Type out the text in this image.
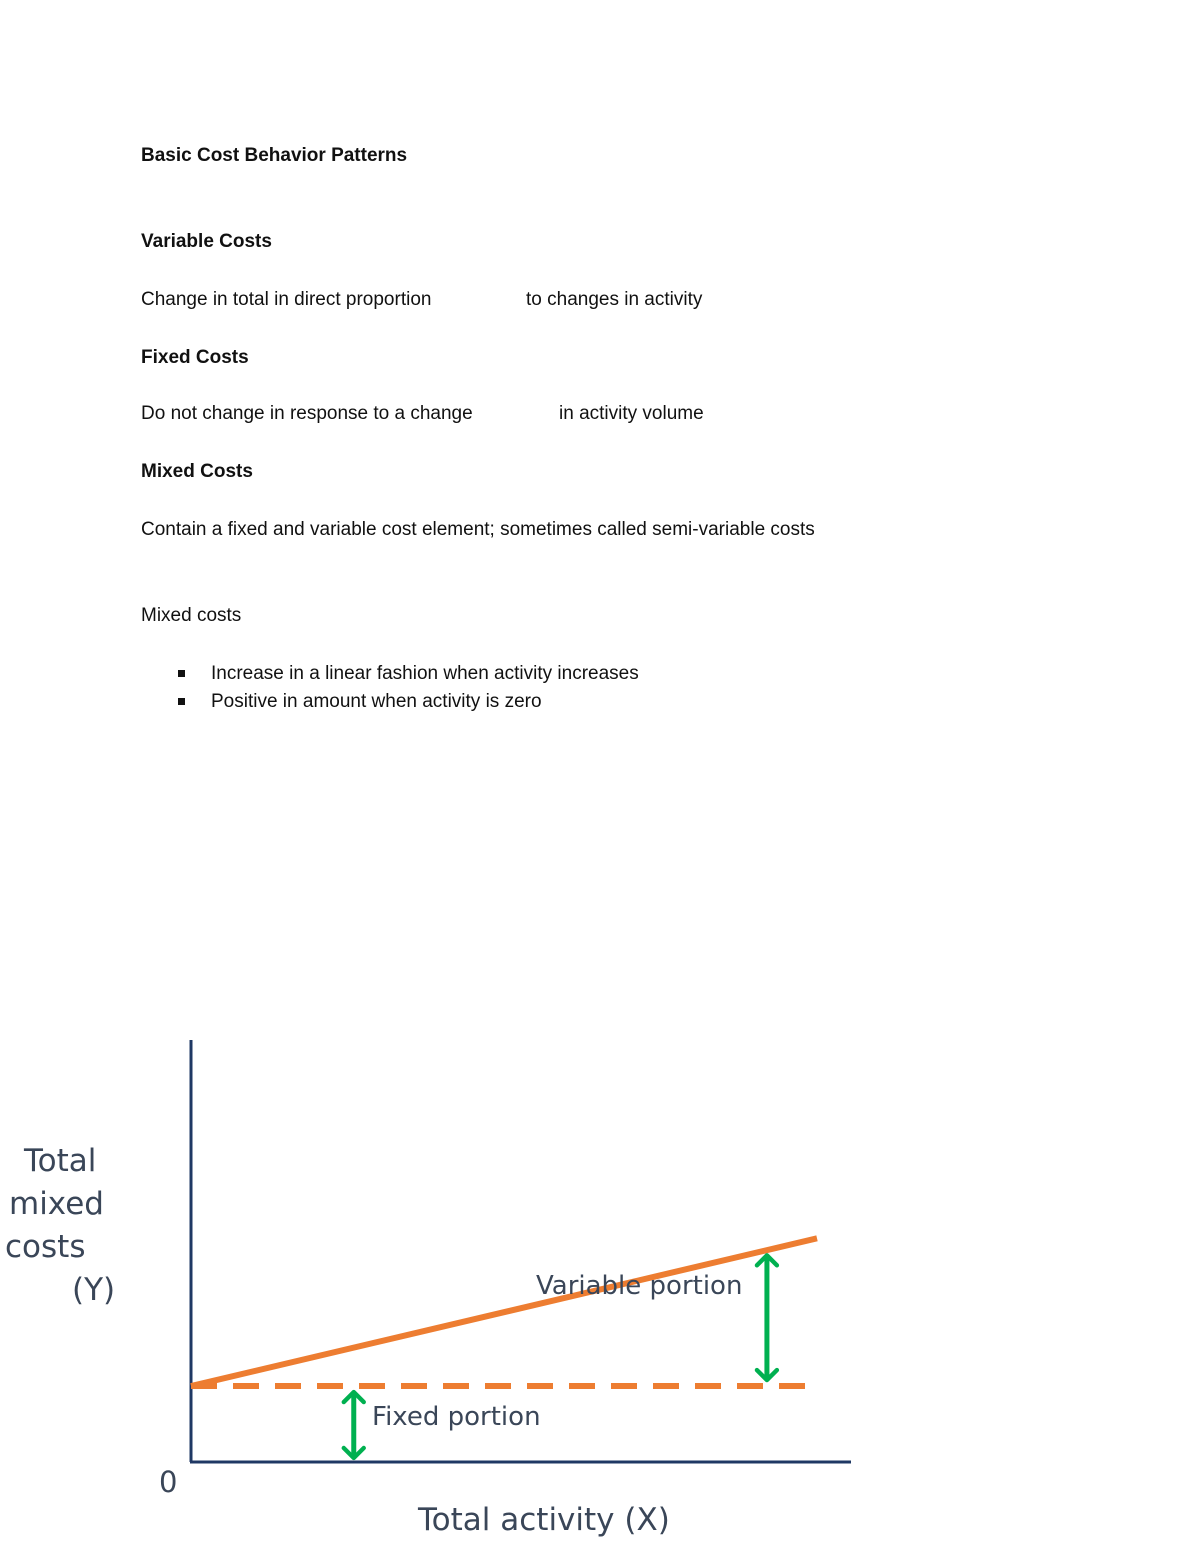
Basic Cost Behavior Patterns
Variable Costs
Change in total in direct proportion	to changes in activity
Fixed Costs
Do not change in response to a change	in activity volume
Mixed Costs
Contain a fixed and variable cost element; sometimes called semi-variable costs
Mixed costs
Increase in a linear fashion when activity increases
Positive in amount when activity is zero
Variable portion
Fixed portion
Total
mixed
costs
(Y)
0
Total activity (X)
